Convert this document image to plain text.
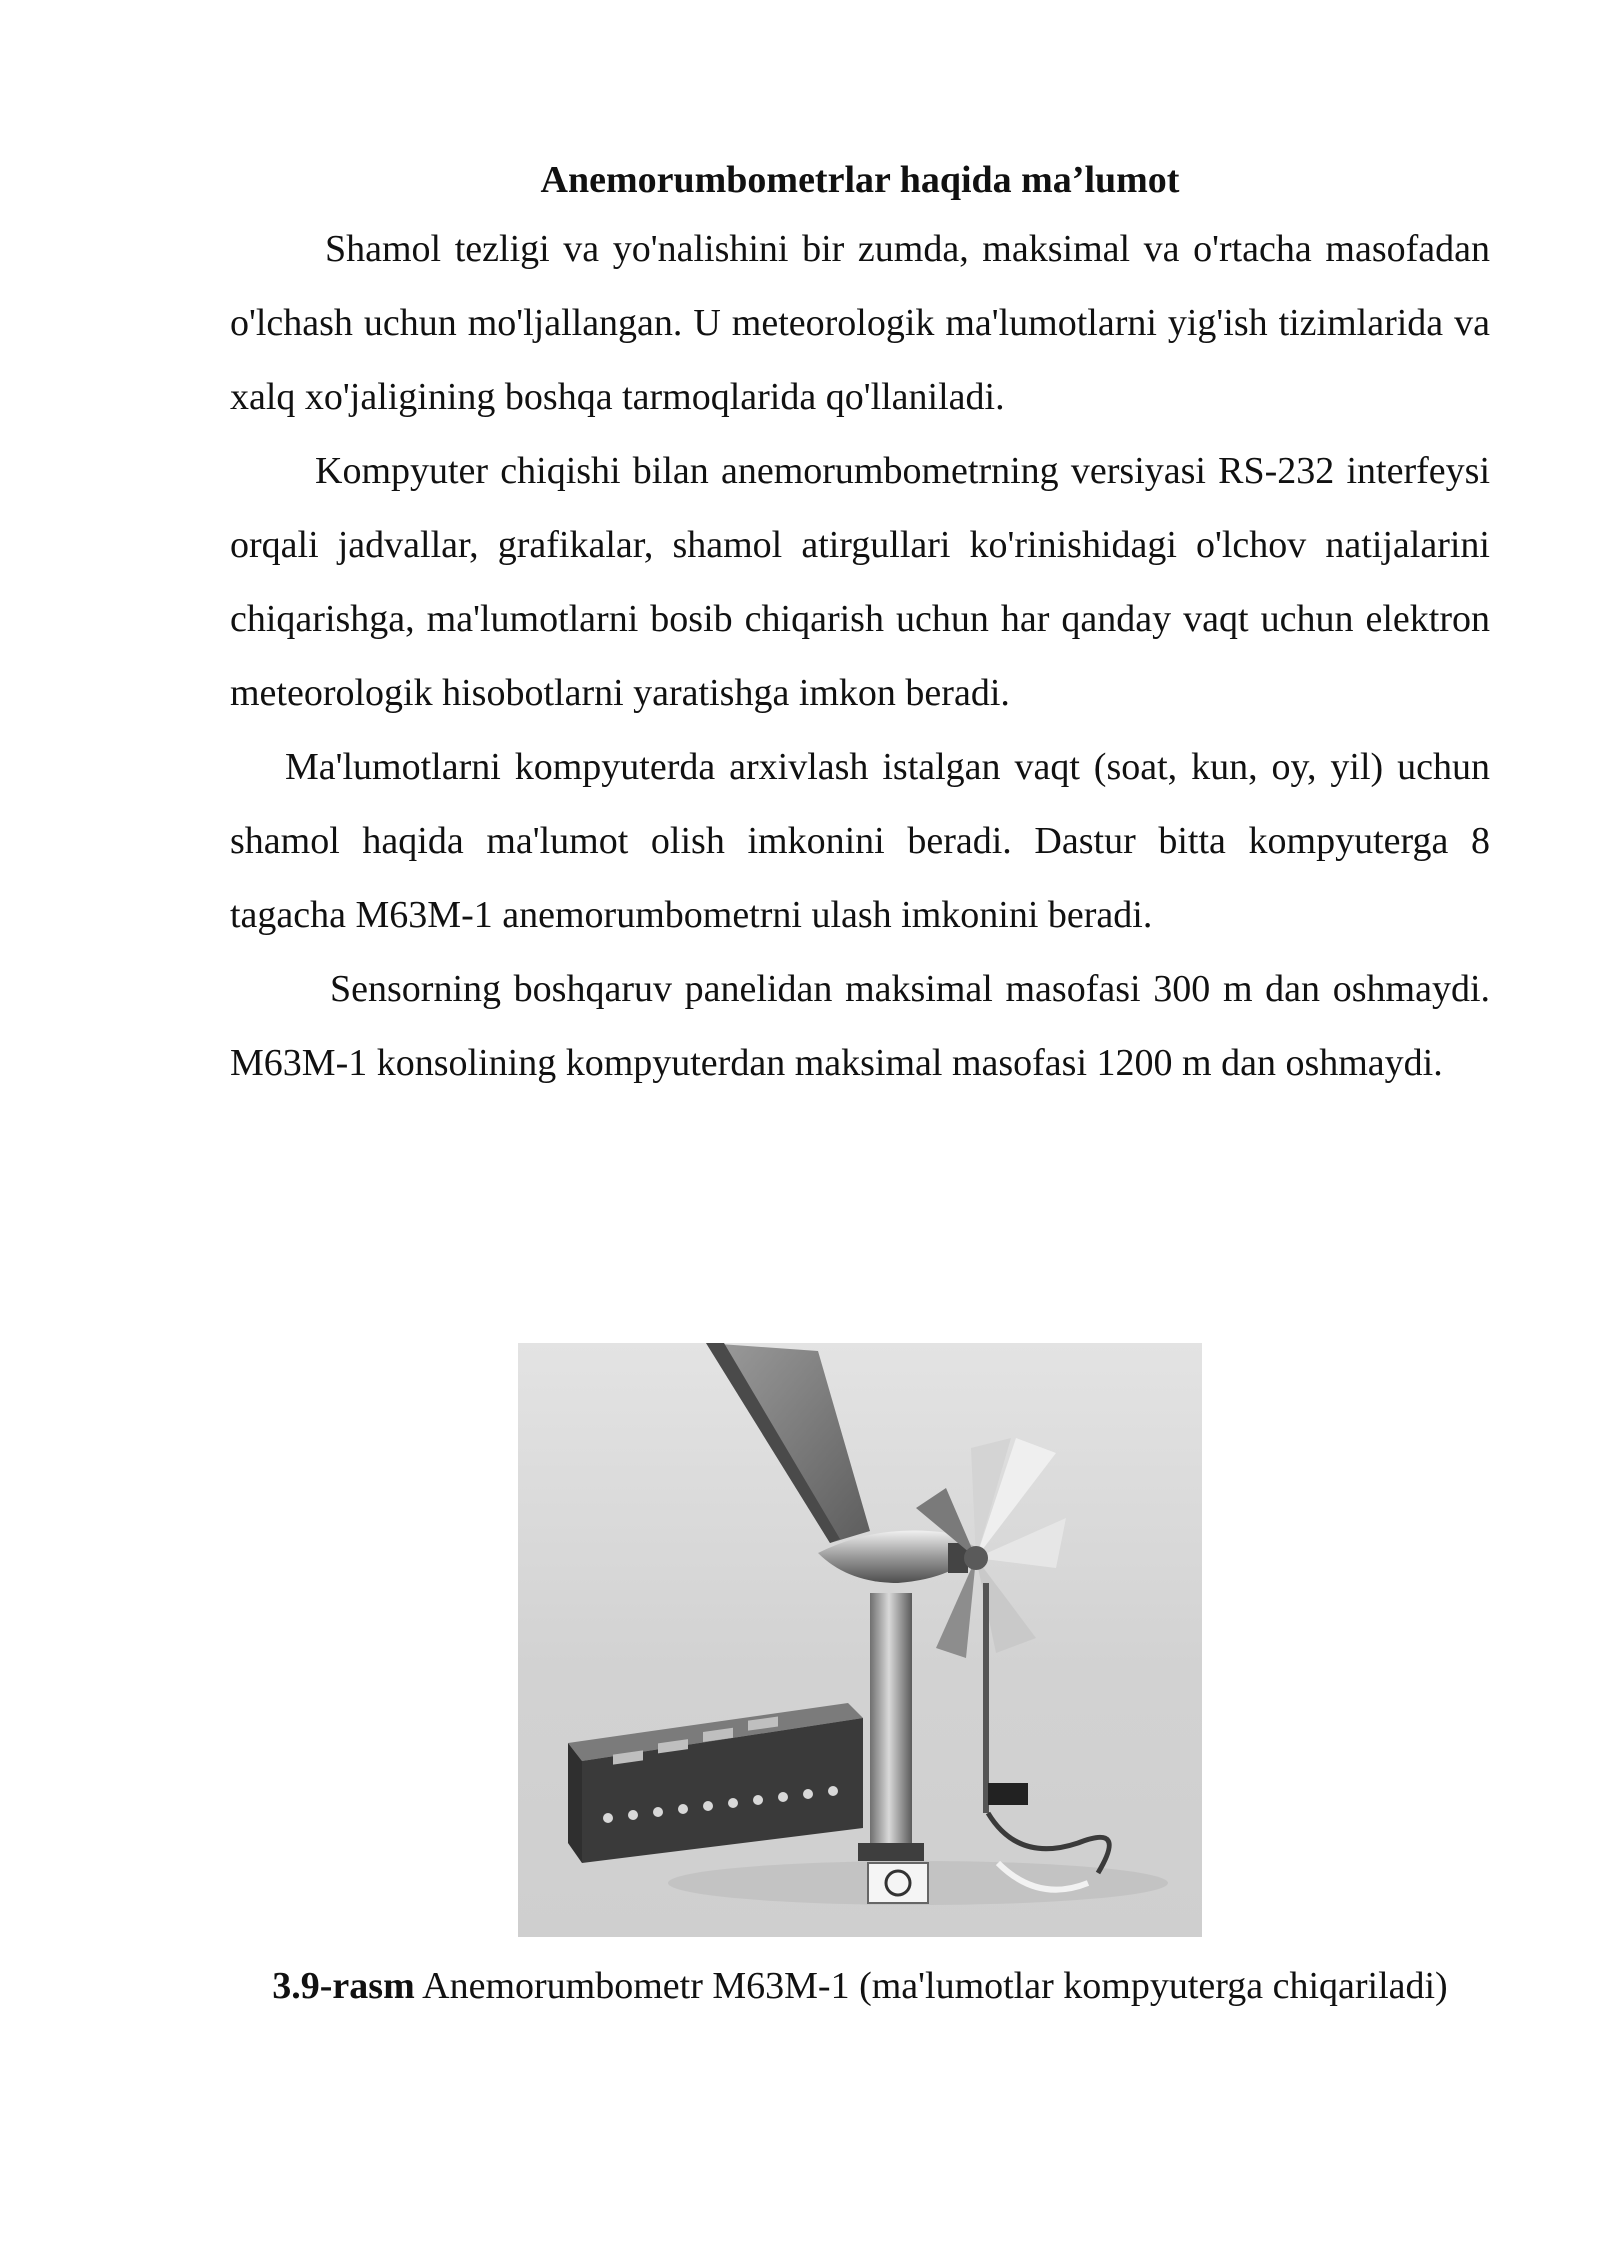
Anemorumbometrlar haqida ma’lumot

Shamol tezligi va yo'nalishini bir zumda, maksimal va o'rtacha masofadan o'lchash uchun mo'ljallangan. U meteorologik ma'lumotlarni yig'ish tizimlarida va xalq xo'jaligining boshqa tarmoqlarida qo'llaniladi.

Kompyuter chiqishi bilan anemorumbometrning versiyasi RS-232 interfeysi orqali jadvallar, grafikalar, shamol atirgullari ko'rinishidagi o'lchov natijalarini chiqarishga, ma'lumotlarni bosib chiqarish uchun har qanday vaqt uchun elektron meteorologik hisobotlarni yaratishga imkon beradi.

Ma'lumotlarni kompyuterda arxivlash istalgan vaqt (soat, kun, oy, yil) uchun shamol haqida ma'lumot olish imkonini beradi. Dastur bitta kompyuterga 8 tagacha M63M-1 anemorumbometrni ulash imkonini beradi.

Sensorning boshqaruv panelidan maksimal masofasi 300 m dan oshmaydi. M63M-1 konsolining kompyuterdan maksimal masofasi 1200 m dan oshmaydi.

3.9-rasm Anemorumbometr M63M-1 (ma'lumotlar kompyuterga chiqariladi)
